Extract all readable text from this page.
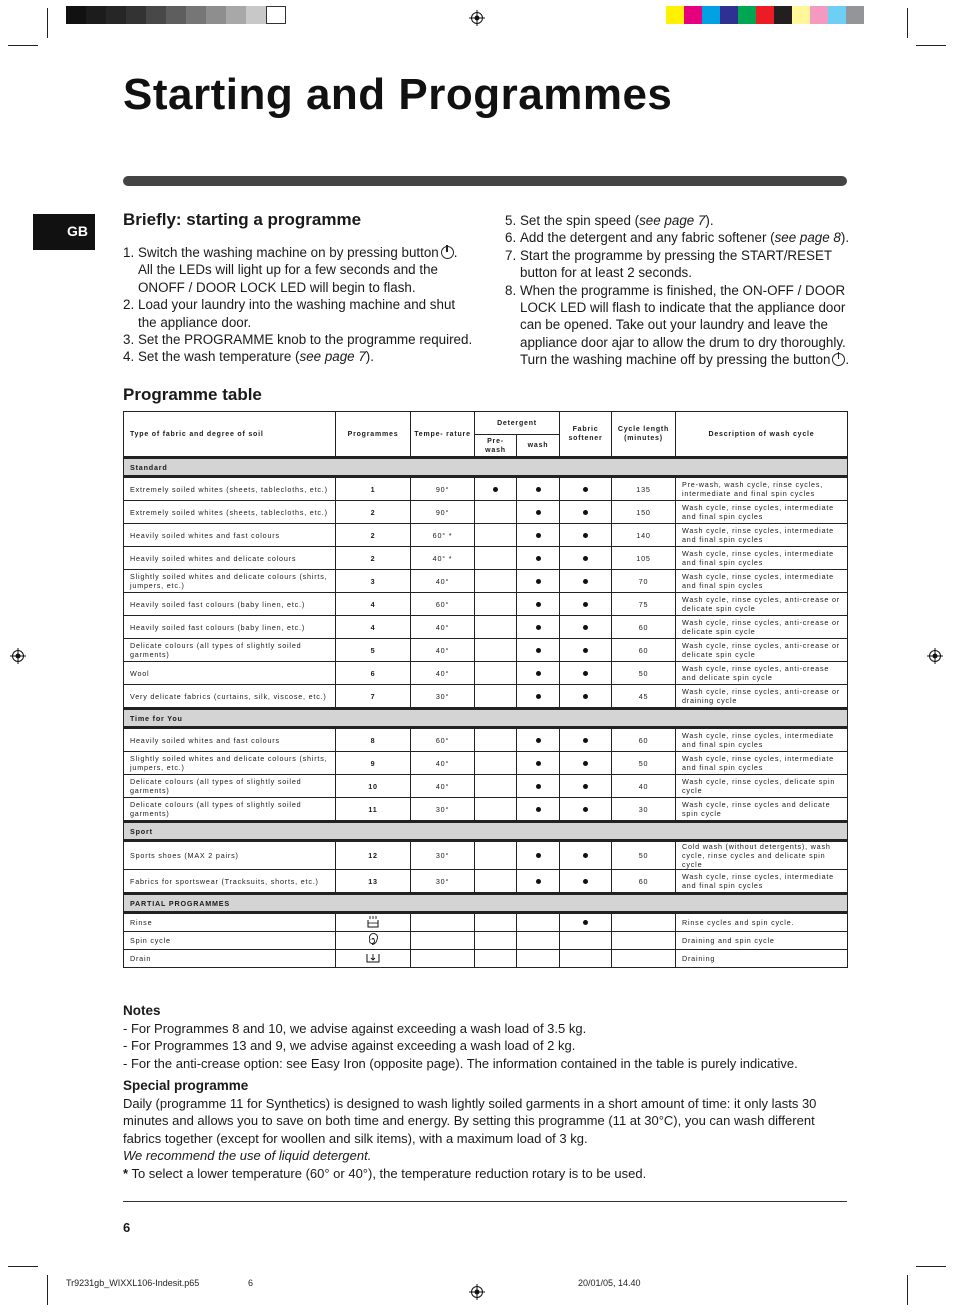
Starting and Programmes
GB
Briefly: starting a programme
1. Switch the washing machine on by pressing button . All the LEDs will light up for a few seconds and the ONOFF / DOOR LOCK LED will begin to flash.
2. Load your laundry into the washing machine and shut the appliance door.
3. Set the PROGRAMME knob to the programme required.
4. Set the wash temperature (see page 7).
5. Set the spin speed (see page 7).
6. Add the detergent and any fabric softener (see page 8).
7. Start the programme by pressing the START/RESET button for at least 2 seconds.
8. When the programme is finished, the ON-OFF / DOOR LOCK LED will flash to indicate that the appliance door can be opened. Take out your laundry and leave the appliance door ajar to allow the drum to dry thoroughly. Turn the washing machine off by pressing the button .
Programme table
Type of fabric and degree of soil	Programmes	Tempe- rature	Detergent		Fabric softener	Cycle length (minutes)	Description of wash cycle
			Pre- wash	wash			
Standard							
Extremely soiled whites (sheets, tablecloths, etc.)	1	90°				135	Pre-wash, wash cycle, rinse cycles, intermediate and final spin cycles
Extremely soiled whites (sheets, tablecloths, etc.)	2	90°				150	Wash cycle, rinse cycles, intermediate and final spin cycles
Heavily soiled whites and fast colours	2	60° *				140	Wash cycle, rinse cycles, intermediate and final spin cycles
Heavily soiled whites and delicate colours	2	40° *				105	Wash cycle, rinse cycles, intermediate and final spin cycles
Slightly soiled whites and delicate colours (shirts, jumpers, etc.)	3	40°				70	Wash cycle, rinse cycles, intermediate and final spin cycles
Heavily soiled fast colours (baby linen, etc.)	4	60°				75	Wash cycle, rinse cycles, anti-crease or delicate spin cycle
Heavily soiled fast colours (baby linen, etc.)	4	40°				60	Wash cycle, rinse cycles, anti-crease or delicate spin cycle
Delicate colours (all types of slightly soiled garments)	5	40°				60	Wash cycle, rinse cycles, anti-crease or delicate spin cycle
Wool	6	40°				50	Wash cycle, rinse cycles, anti-crease and delicate spin cycle
Very delicate fabrics (curtains, silk, viscose, etc.)	7	30°				45	Wash cycle, rinse cycles, anti-crease or draining cycle
Time for You							
Heavily soiled whites and fast colours	8	60°				60	Wash cycle, rinse cycles, intermediate and final spin cycles
Slightly soiled whites and delicate colours (shirts, jumpers, etc.)	9	40°				50	Wash cycle, rinse cycles, intermediate and final spin cycles
Delicate colours (all types of slightly soiled garments)	10	40°				40	Wash cycle, rinse cycles, delicate spin cycle
Delicate colours (all types of slightly soiled garments)	11	30°				30	Wash cycle, rinse cycles and delicate spin cycle
Sport							
Sports shoes (MAX 2 pairs)	12	30°				50	Cold wash (without detergents), wash cycle, rinse cycles and delicate spin cycle
Fabrics for sportswear (Tracksuits, shorts, etc.)	13	30°				60	Wash cycle, rinse cycles, intermediate and final spin cycles
PARTIAL PROGRAMMES							
Rinse							Rinse cycles and spin cycle.
Spin cycle							Draining and spin cycle
Drain							Draining
Notes
- For Programmes 8 and 10, we advise against exceeding a wash load of 3.5 kg.
- For Programmes 13 and 9, we advise against exceeding a wash load of 2 kg.
- For the anti-crease option: see Easy Iron (opposite page). The information contained in the table is purely indicative.
Special programme
Daily (programme 11 for Synthetics) is designed to wash lightly soiled garments in a short amount of time: it only lasts 30 minutes and allows you to save on both time and energy. By setting this programme (11 at 30°C), you can wash different fabrics together (except for woollen and silk items), with a maximum load of 3 kg.
We recommend the use of liquid detergent.
* To select a lower temperature (60° or 40°), the temperature reduction rotary is to be used.
6
Tr9231gb_WIXXL106-Indesit.p65	6	20/01/05, 14.40
